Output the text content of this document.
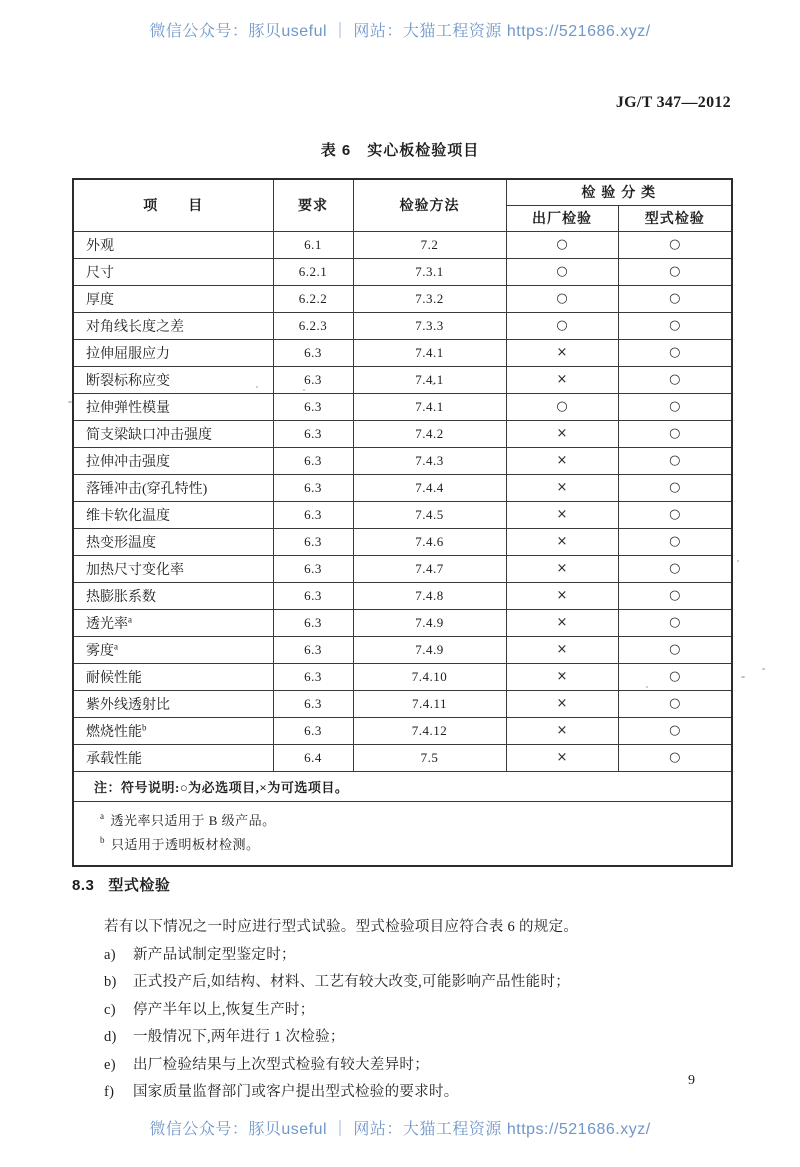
微信公众号：豚贝useful ｜ 网站：大猫工程资源 https://521686.xyz/
JG/T 347—2012
表 6　实心板检验项目
项　　目	要求	检验方法	检 验 分 类	
			出厂检验	型式检验
外观	6.1	7.2	○	○
尺寸	6.2.1	7.3.1	○	○
厚度	6.2.2	7.3.2	○	○
对角线长度之差	6.2.3	7.3.3	○	○
拉伸屈服应力	6.3	7.4.1	×	○
断裂标称应变	6.3	7.4.1	×	○
拉伸弹性模量	6.3	7.4.1	○	○
简支梁缺口冲击强度	6.3	7.4.2	×	○
拉伸冲击强度	6.3	7.4.3	×	○
落锤冲击(穿孔特性)	6.3	7.4.4	×	○
维卡软化温度	6.3	7.4.5	×	○
热变形温度	6.3	7.4.6	×	○
加热尺寸变化率	6.3	7.4.7	×	○
热膨胀系数	6.3	7.4.8	×	○
透光率$^a$	6.3	7.4.9	×	○
雾度$^a$	6.3	7.4.9	×	○
耐候性能	6.3	7.4.10	×	○
紫外线透射比	6.3	7.4.11	×	○
燃烧性能$^b$	6.3	7.4.12	×	○
承载性能	6.4	7.5	×	○
注：符号说明:○为必选项目,×为可选项目。				

$^a$ 透光率只适用于 B 级产品。
$^b$ 只适用于透明板材检测。				
8.3 型式检验
若有以下情况之一时应进行型式试验。型式检验项目应符合表 6 的规定。
a)	新产品试制定型鉴定时；
b)	正式投产后,如结构、材料、工艺有较大改变,可能影响产品性能时；
c)	停产半年以上,恢复生产时；
d)	一般情况下,两年进行 1 次检验；
e)	出厂检验结果与上次型式检验有较大差异时；
f)	国家质量监督部门或客户提出型式检验的要求时。
9
微信公众号：豚贝useful ｜ 网站：大猫工程资源 https://521686.xyz/
